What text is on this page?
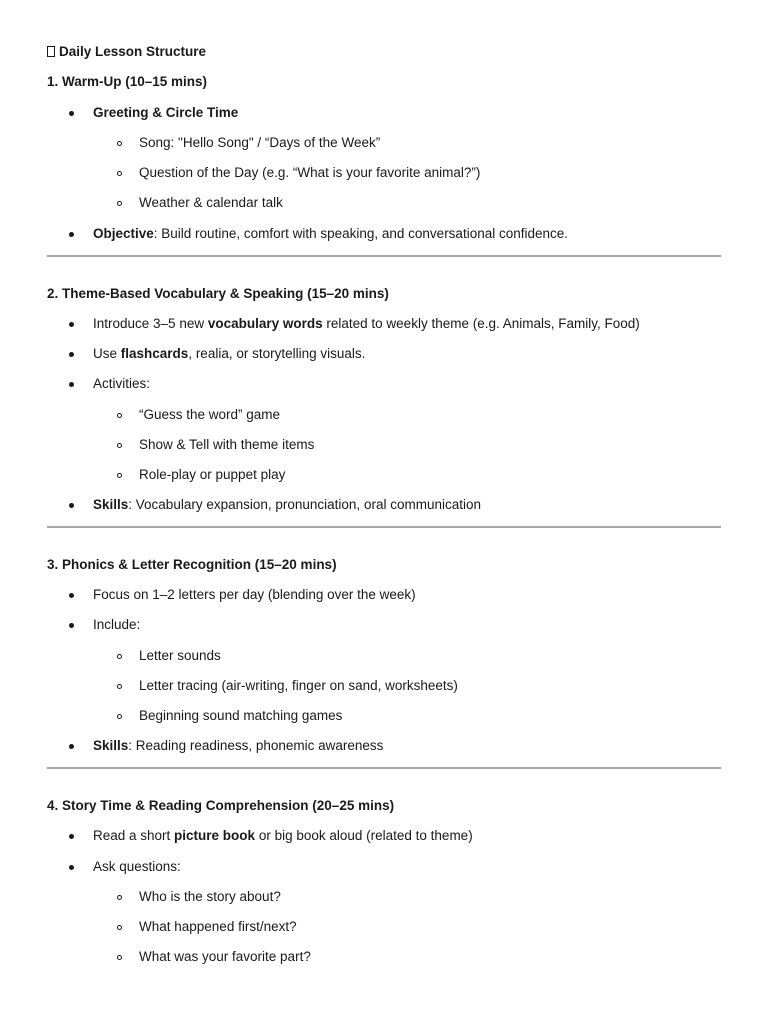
Daily Lesson Structure
1. Warm-Up (10–15 mins)
Greeting & Circle Time
Song: "Hello Song" / “Days of the Week”
Question of the Day (e.g. “What is your favorite animal?”)
Weather & calendar talk
Objective: Build routine, comfort with speaking, and conversational confidence.
2. Theme-Based Vocabulary & Speaking (15–20 mins)
Introduce 3–5 new vocabulary words related to weekly theme (e.g. Animals, Family, Food)
Use flashcards, realia, or storytelling visuals.
Activities:
“Guess the word” game
Show & Tell with theme items
Role-play or puppet play
Skills: Vocabulary expansion, pronunciation, oral communication
3. Phonics & Letter Recognition (15–20 mins)
Focus on 1–2 letters per day (blending over the week)
Include:
Letter sounds
Letter tracing (air-writing, finger on sand, worksheets)
Beginning sound matching games
Skills: Reading readiness, phonemic awareness
4. Story Time & Reading Comprehension (20–25 mins)
Read a short picture book or big book aloud (related to theme)
Ask questions:
Who is the story about?
What happened first/next?
What was your favorite part?
